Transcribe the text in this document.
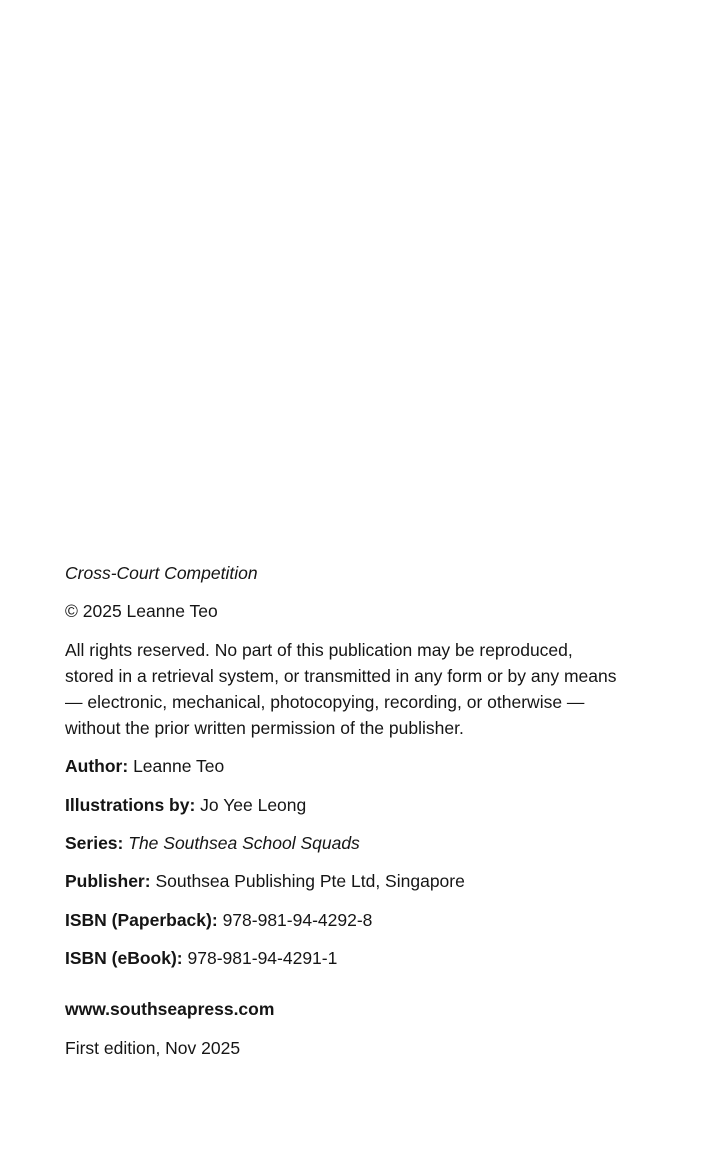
Cross-Court Competition

© 2025 Leanne Teo

All rights reserved. No part of this publication may be reproduced,
stored in a retrieval system, or transmitted in any form or by any means
— electronic, mechanical, photocopying, recording, or otherwise —
without the prior written permission of the publisher.

Author: Leanne Teo

Illustrations by: Jo Yee Leong

Series: The Southsea School Squads

Publisher: Southsea Publishing Pte Ltd, Singapore

ISBN (Paperback): 978-981-94-4292-8

ISBN (eBook): 978-981-94-4291-1

www.southseapress.com

First edition, Nov 2025
